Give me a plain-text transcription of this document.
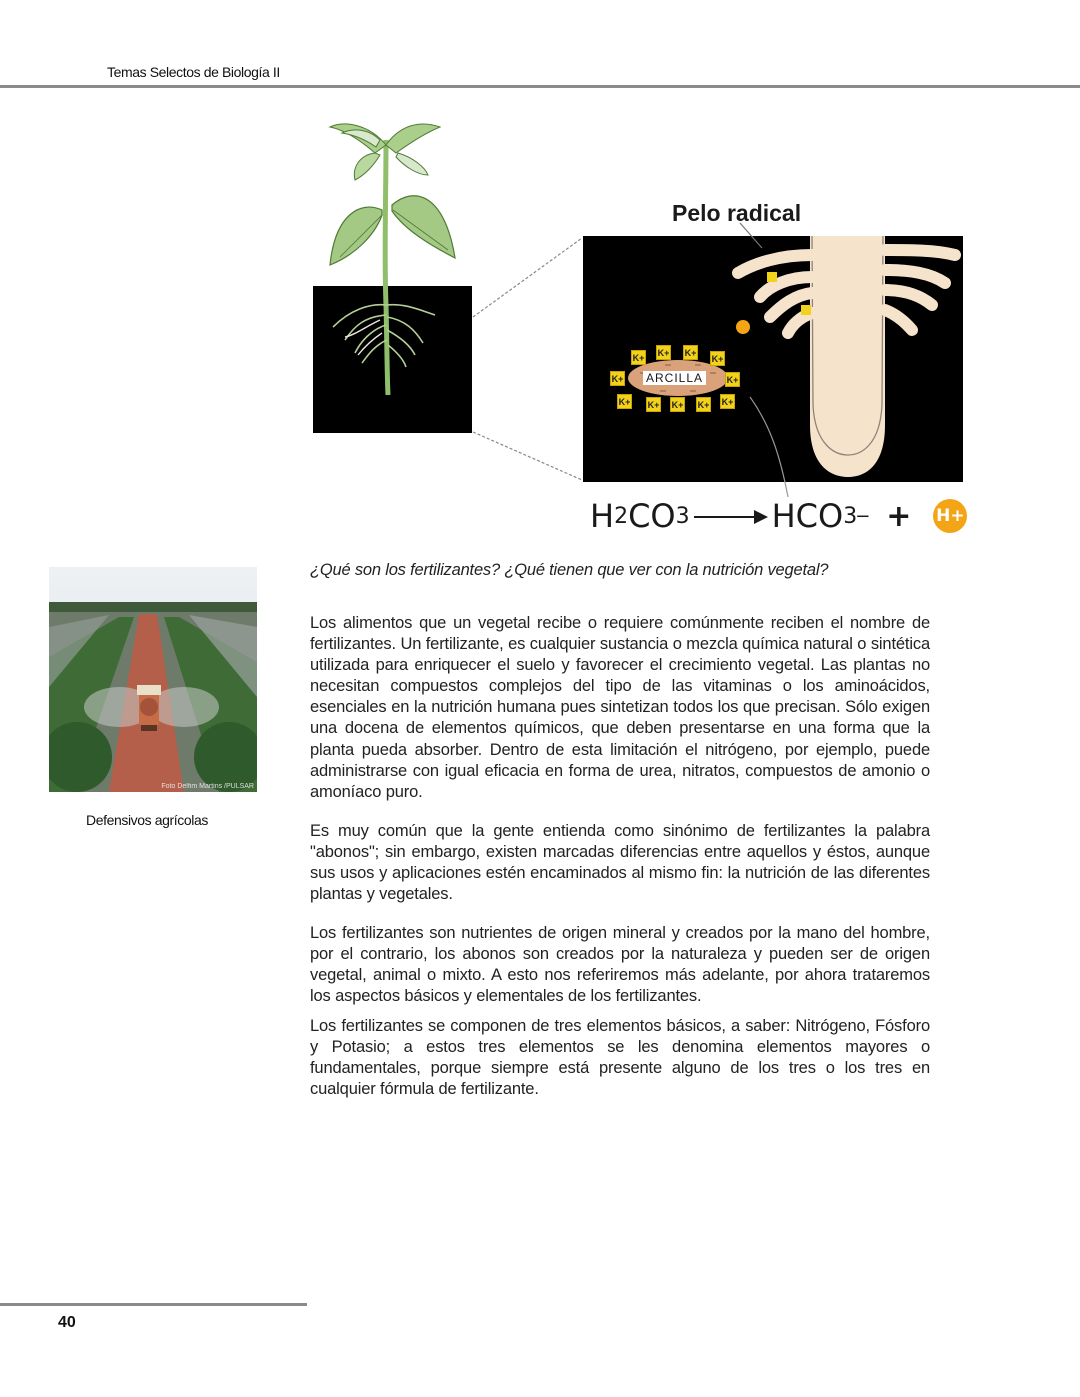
Temas Selectos de Biología II
Pelo radical
ARCILLA
K+ K+ K+
K+
K+	K+
K+ K+ K+ K+ K+
H 2 CO 3 → HCO 3
− + H+
Foto Delfim Martins /PULSAR
Defensivos agrícolas
¿Qué son los fertilizantes? ¿Qué tienen que ver con la nutrición vegetal?

Los alimentos que un vegetal recibe o requiere comúnmente reciben el nombre de fertilizantes. Un fertilizante, es cualquier sustancia o mezcla química natural o sintética utilizada para enriquecer el suelo y favorecer el crecimiento vegetal. Las plantas no necesitan compuestos complejos del tipo de las vitaminas o los aminoácidos, esenciales en la nutrición humana pues sintetizan todos los que precisan. Sólo exigen una docena de elementos químicos, que deben presentarse en una forma que la planta pueda absorber. Dentro de esta limitación el nitrógeno, por ejemplo, puede administrarse con igual eficacia en forma de urea, nitratos, compuestos de amonio o amoníaco puro.

Es muy común que la gente entienda como sinónimo de fertilizantes la palabra "abonos"; sin embargo, existen marcadas diferencias entre aquellos y éstos, aunque sus usos y aplicaciones estén encaminados al mismo fin: la nutrición de las diferentes plantas y vegetales.

Los fertilizantes son nutrientes de origen mineral y creados por la mano del hombre, por el contrario, los abonos son creados por la naturaleza y pueden ser de origen vegetal, animal o mixto. A esto nos referiremos más adelante, por ahora trataremos los aspectos básicos y elementales de los fertilizantes.

Los fertilizantes se componen de tres elementos básicos, a saber: Nitrógeno, Fósforo y Potasio; a estos tres elementos se les denomina elementos mayores o fundamentales, porque siempre está presente alguno de los tres o los tres en cualquier fórmula de fertilizante.

40
